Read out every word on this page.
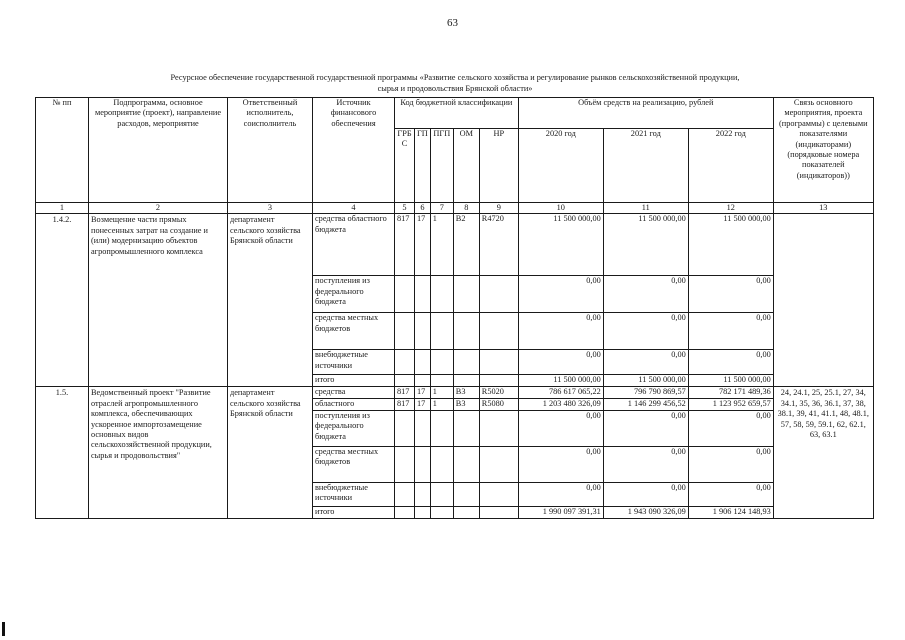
63
Ресурсное обеспечение государственной государственной программы «Развитие сельского хозяйства и регулирование рынков сельскохозяйственной продукции,
сырья и продовольствия Брянской области»
№ пп	Подпрограмма, основное мероприятие (проект), направление расходов, мероприятие	Ответственный исполнитель, соисполнитель	Источник финансового обеспечения	Код бюджетной классификации					Объём средств на реализацию, рублей			Связь основного мероприятия, проекта (программы) с целевыми показателями (индикаторами) (порядковые номера показателей (индикаторов))
				ГРБ С	ГП	ПГП	ОМ	НР	2020 год	2021 год	2022 год	
1	2	3	4	5	6	7	8	9	10	11	12	13
1.4.2.	Возмещение части прямых понесенных затрат на создание и (или) модернизацию объектов агропромышленного комплекса	департамент сельского хозяйства Брянской области	средства областного бюджета	817	17	1	В2	R4720	11 500 000,00	11 500 000,00	11 500 000,00	
			поступления из федерального бюджета						0,00	0,00	0,00	
			средства местных бюджетов						0,00	0,00	0,00	
			внебюджетные источники						0,00	0,00	0,00	
			итого						11 500 000,00	11 500 000,00	11 500 000,00	
1.5.	Ведомственный проект "Развитие отраслей агропромышленного комплекса, обеспечивающих ускоренное импортозамещение основных видов сельскохозяйственной продукции, сырья и продовольствия"	департамент сельского хозяйства Брянской области	средства	817	17	1	В3	R5020	786 617 065,22	796 790 869,57	782 171 489,36	24, 24.1, 25, 25.1, 27, 34, 34.1, 35, 36, 36.1, 37, 38, 38.1, 39, 41, 41.1, 48, 48.1, 57, 58, 59, 59.1, 62, 62.1, 63, 63.1
			областного	817	17	1	В3	R5080	1 203 480 326,09	1 146 299 456,52	1 123 952 659,57	
			поступления из федерального бюджета						0,00	0,00	0,00	
			средства местных бюджетов						0,00	0,00	0,00	
			внебюджетные источники						0,00	0,00	0,00	
			итого						1 990 097 391,31	1 943 090 326,09	1 906 124 148,93	
